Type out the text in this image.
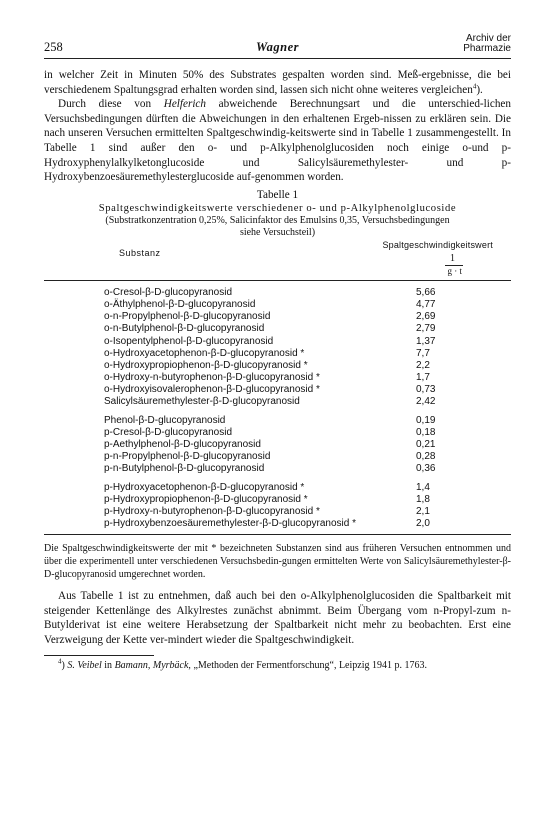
258	Wagner
Archiv der
Pharmazie

in welcher Zeit in Minuten 50% des Substrates gespalten worden sind. Meß-ergebnisse, die bei verschiedenem Spaltungsgrad erhalten worden sind, lassen sich nicht ohne weiteres vergleichen$^4$).

Durch diese von Helferich abweichende Berechnungsart und die unterschied-lichen Versuchsbedingungen dürften die Abweichungen in den erhaltenen Ergeb-nissen zu erklären sein. Die nach unseren Versuchen ermittelten Spaltgeschwindig-keitswerte sind in Tabelle 1 zusammengestellt. In Tabelle 1 sind außer den o- und p-Alkylphenolglucosiden noch einige o-und p-Hydroxyphenylalkylketonglucoside und Salicylsäuremethylester- und p-Hydroxybenzoesäuremethylesterglucoside auf-genommen worden.

Tabelle 1
Spaltgeschwindigkeitswerte verschiedener o- und p-Alkylphenolglucoside
(Substratkonzentration 0,25%, Salicinfaktor des Emulsins 0,35, Versuchsbedingungen
siehe Versuchsteil)
Substanz
Spaltgeschwindigkeitswert
1
g · t
o-Cresol-β-D-glucopyranosid	5,66
o-Äthylphenol-β-D-glucopyranosid	4,77
o-n-Propylphenol-β-D-glucopyranosid	2,69
o-n-Butylphenol-β-D-glucopyranosid	2,79
o-Isopentylphenol-β-D-glucopyranosid	1,37
o-Hydroxyacetophenon-β-D-glucopyranosid *	7,7
o-Hydroxypropiophenon-β-D-glucopyranosid *	2,2
o-Hydroxy-n-butyrophenon-β-D-glucopyranosid *	1,7
o-Hydroxyisovalerophenon-β-D-glucopyranosid *	0,73
Salicylsäuremethylester-β-D-glucopyranosid	2,42
Phenol-β-D-glucopyranosid	0,19
p-Cresol-β-D-glucopyranosid	0,18
p-Aethylphenol-β-D-glucopyranosid	0,21
p-n-Propylphenol-β-D-glucopyranosid	0,28
p-n-Butylphenol-β-D-glucopyranosid	0,36
p-Hydroxyacetophenon-β-D-glucopyranosid *	1,4
p-Hydroxypropiophenon-β-D-glucopyranosid *	1,8
p-Hydroxy-n-butyrophenon-β-D-glucopyranosid *	2,1
p-Hydroxybenzoesäuremethylester-β-D-glucopyranosid *	2,0
Die Spaltgeschwindigkeitswerte der mit * bezeichneten Substanzen sind aus früheren Versuchen entnommen und über die experimentell unter verschiedenen Versuchsbedin-gungen ermittelten Werte von Salicylsäuremethylester-β-D-glucopyranosid umgerechnet worden.

Aus Tabelle 1 ist zu entnehmen, daß auch bei den o-Alkylphenolglucosiden die Spaltbarkeit mit steigender Kettenlänge des Alkylrestes zunächst abnimmt. Beim Übergang vom n-Propyl-zum n-Butylderivat ist eine weitere Herabsetzung der Spaltbarkeit nicht mehr zu beobachten. Erst eine Verzweigung der Kette ver-mindert wieder die Spaltgeschwindigkeit.

$^4$) S. Veibel in Bamann, Myrbäck, „Methoden der Fermentforschung“, Leipzig 1941 p. 1763.
